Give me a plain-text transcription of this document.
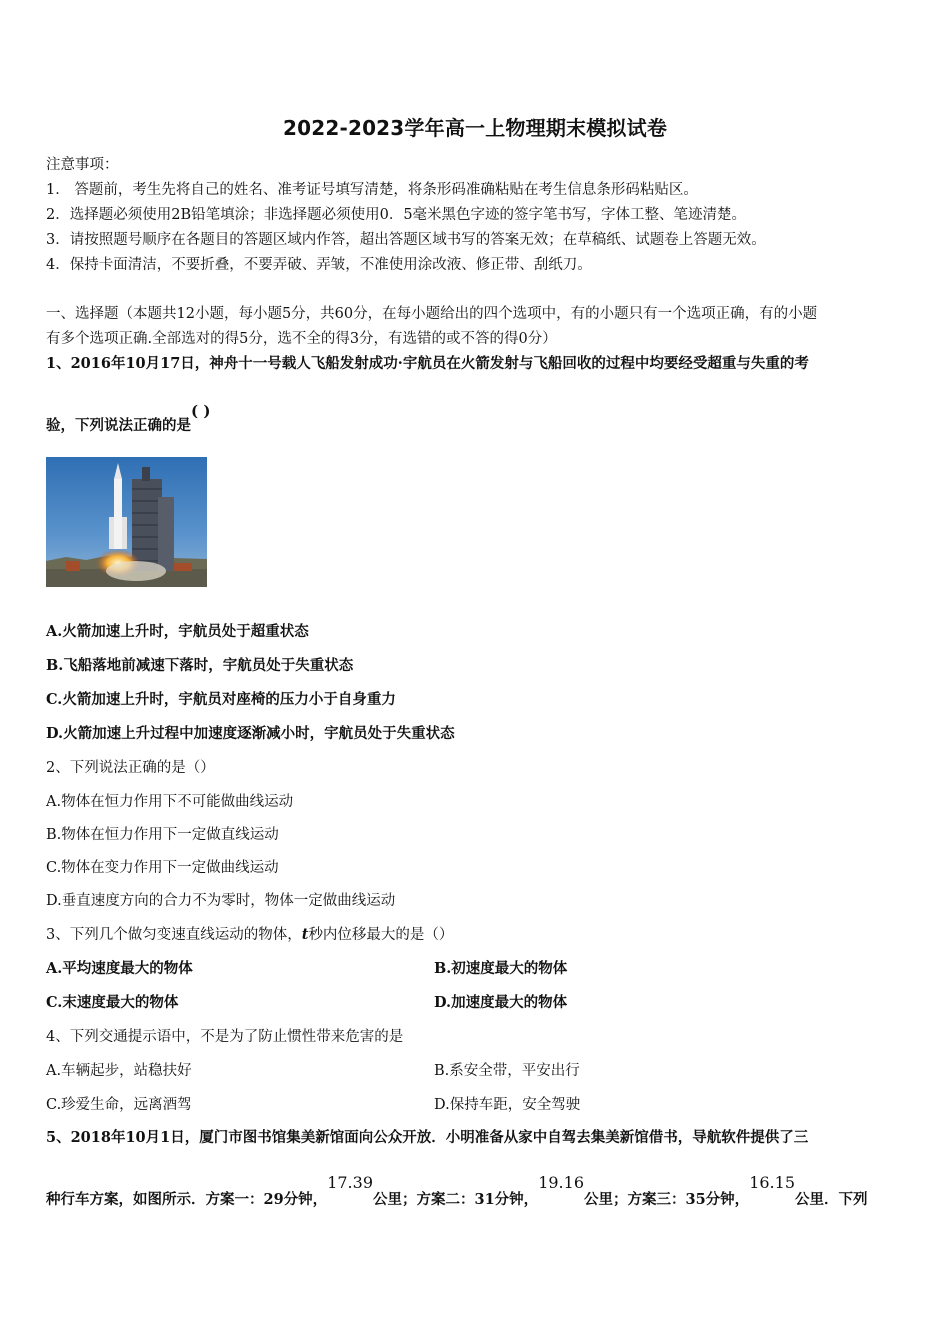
2022-2023学年高一上物理期末模拟试卷
注意事项：
1． 答题前，考生先将自己的姓名、准考证号填写清楚，将条形码准确粘贴在考生信息条形码粘贴区。
2．选择题必须使用2B铅笔填涂；非选择题必须使用0．5毫米黑色字迹的签字笔书写，字体工整、笔迹清楚。
3．请按照题号顺序在各题目的答题区域内作答，超出答题区域书写的答案无效；在草稿纸、试题卷上答题无效。
4．保持卡面清洁，不要折叠，不要弄破、弄皱，不准使用涂改液、修正带、刮纸刀。
一、选择题（本题共12小题，每小题5分，共60分，在每小题给出的四个选项中，有的小题只有一个选项正确，有的小题
有多个选项正确.全部选对的得5分，选不全的得3分，有选错的或不答的得0分）
1、2016年10月17日，神舟十一号载人飞船发射成功·宇航员在火箭发射与飞船回收的过程中均要经受超重与失重的考
验，下列说法正确的是( )
A.火箭加速上升时，宇航员处于超重状态
B.飞船落地前减速下落时，宇航员处于失重状态
C.火箭加速上升时，宇航员对座椅的压力小于自身重力
D.火箭加速上升过程中加速度逐渐减小时，宇航员处于失重状态
2、下列说法正确的是（）
A.物体在恒力作用下不可能做曲线运动
B.物体在恒力作用下一定做直线运动
C.物体在变力作用下一定做曲线运动
D.垂直速度方向的合力不为零时，物体一定做曲线运动
3、下列几个做匀变速直线运动的物体，t秒内位移最大的是（）
A.平均速度最大的物体	B.初速度最大的物体
C.末速度最大的物体	D.加速度最大的物体
4、下列交通提示语中，不是为了防止惯性带来危害的是
A.车辆起步，站稳扶好	B.系安全带，平安出行
C.珍爱生命，远离酒驾	D.保持车距，安全驾驶
5、2018年10月1日，厦门市图书馆集美新馆面向公众开放．小明准备从家中自驾去集美新馆借书，导航软件提供了三
种行车方案，如图所示．方案一：29分钟，17.39公里；方案二：31分钟，19.16公里；方案三：35分钟，16.15公里．下列
